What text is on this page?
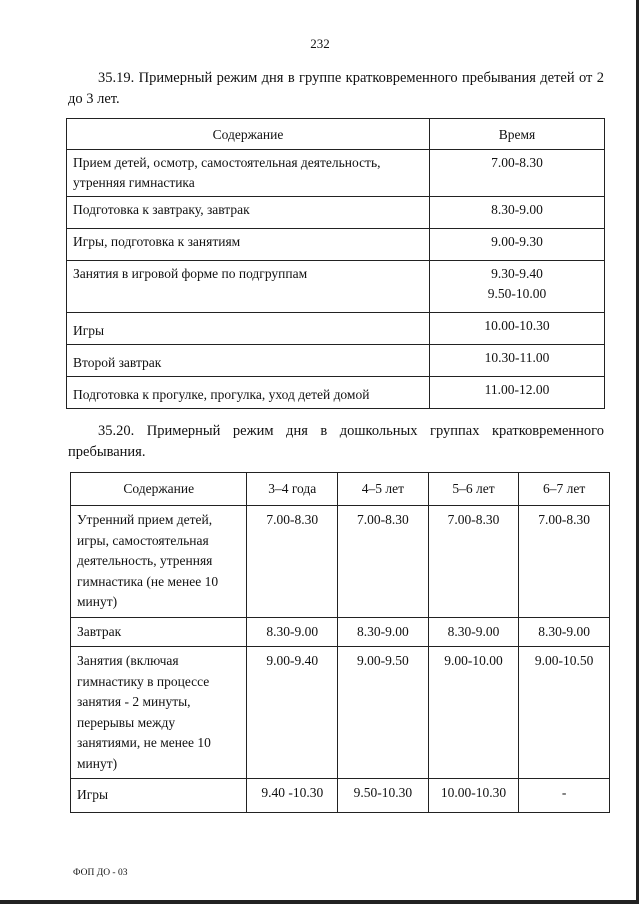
232
35.19. Примерный режим дня в группе кратковременного пребывания детей от 2 до 3 лет.
Содержание	Время
Прием детей, осмотр, самостоятельная деятельность, утренняя гимнастика	7.00-8.30
Подготовка к завтраку, завтрак	8.30-9.00
Игры, подготовка к занятиям	9.00-9.30
Занятия в игровой форме по подгруппам	9.30-9.40
9.50-10.00
Игры	10.00-10.30
Второй завтрак	10.30-11.00
Подготовка к прогулке, прогулка, уход детей домой	11.00-12.00
35.20. Примерный режим дня в дошкольных группах кратковременного пребывания.
Содержание	3–4 года	4–5 лет	5–6 лет	6–7 лет
Утренний прием детей, игры, самостоятельная деятельность, утренняя гимнастика (не менее 10 минут)	7.00-8.30	7.00-8.30	7.00-8.30	7.00-8.30
Завтрак	8.30-9.00	8.30-9.00	8.30-9.00	8.30-9.00
Занятия (включая гимнастику в процессе занятия - 2 минуты, перерывы между занятиями, не менее 10 минут)	9.00-9.40	9.00-9.50	9.00-10.00	9.00-10.50
Игры	9.40 -10.30	9.50-10.30	10.00-10.30	-
ФОП ДО - 03
